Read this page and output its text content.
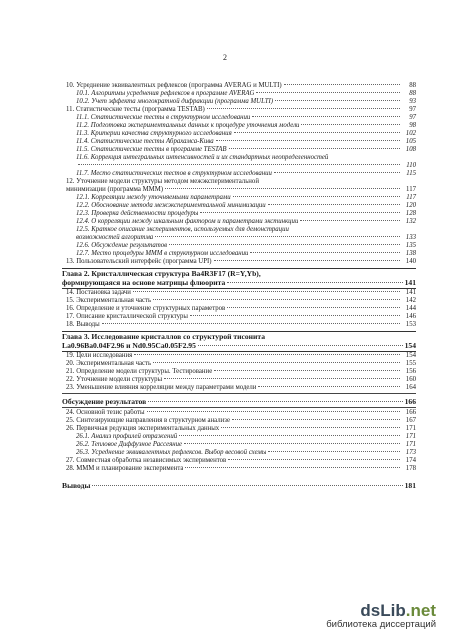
2
10. Усреднение эквивалентных рефлексов (программа AVERAG и MULTI)	88
10.1. Алгоритмы усреднения рефлексов в программе AVERAG	88
10.2. Учет эффекта многократной дифракции (программа MULTI)	93
11. Статистические тесты (программа TESTAB)	97
11.1. Статистические тесты в структурном исследовании	97
11.2. Подготовка экспериментальных данных к процедуре уточнения модели	98
11.3. Критерии качества структурного исследования	102
11.4. Статистические тесты Абрахамса-Кива	105
11.5. Статистические тесты в программе TESTAB	108
11.6. Коррекция интегральных интенсивностей и их стандартных неопределенностей
110
11.7. Место статистических тестов в структурном исследовании	115
12. Уточнение модели структуры методом межэкспериментальной
минимизации (программа MMM)	117
12.1. Корреляции между уточняемыми параметрами	117
12.2. Обоснование метода межэкспериментальной минимизации	120
12.3. Проверка действенности процедуры	128
12.4. О корреляции между шкальным фактором и параметрами экстинкции	132
12.5. Краткое описание экспериментов, используемых для демонстрации
возможностей алгоритма	133
12.6. Обсуждение результатов	135
12.7. Место процедуры MMM в структурном исследовании	138
13. Пользовательский интерфейс (программа UPI)	140
Глава 2. Кристаллическая структура Ba4R3F17 (R=Y,Yb),
формирующаяся на основе матрицы флюорита	141
14. Постановка задачи	141
15. Экспериментальная часть	142
16. Определение и уточнение структурных параметров	144
17. Описание кристаллической структуры	146
18. Выводы	153
Глава 3. Исследование кристаллов со структурой тисонита
La0.96Ba0.04F2.96 и Nd0.95Ca0.05F2.95	154
19. Цели исследования	154
20. Экспериментальная часть	155
21. Определение модели структуры. Тестирование	156
22. Уточнение модели структуры	160
23. Уменьшение влияния корреляции между параметрами модели	164
Обсуждение результатов	166
24. Основной тезис работы	166
25. Синтезирующие направления в структурном анализе	167
26. Первичная редукция экспериментальных данных	171
26.1. Анализ профилей отражений	171
26.2. Тепловое Диффузное Рассеяние	171
26.3. Усреднение эквивалентных рефлексов. Выбор весовой схемы	173
27. Совместная обработка независимых экспериментов	174
28. МММ и планирование эксперимента	178
Выводы	181
dsLib.net
библиотека диссертаций
